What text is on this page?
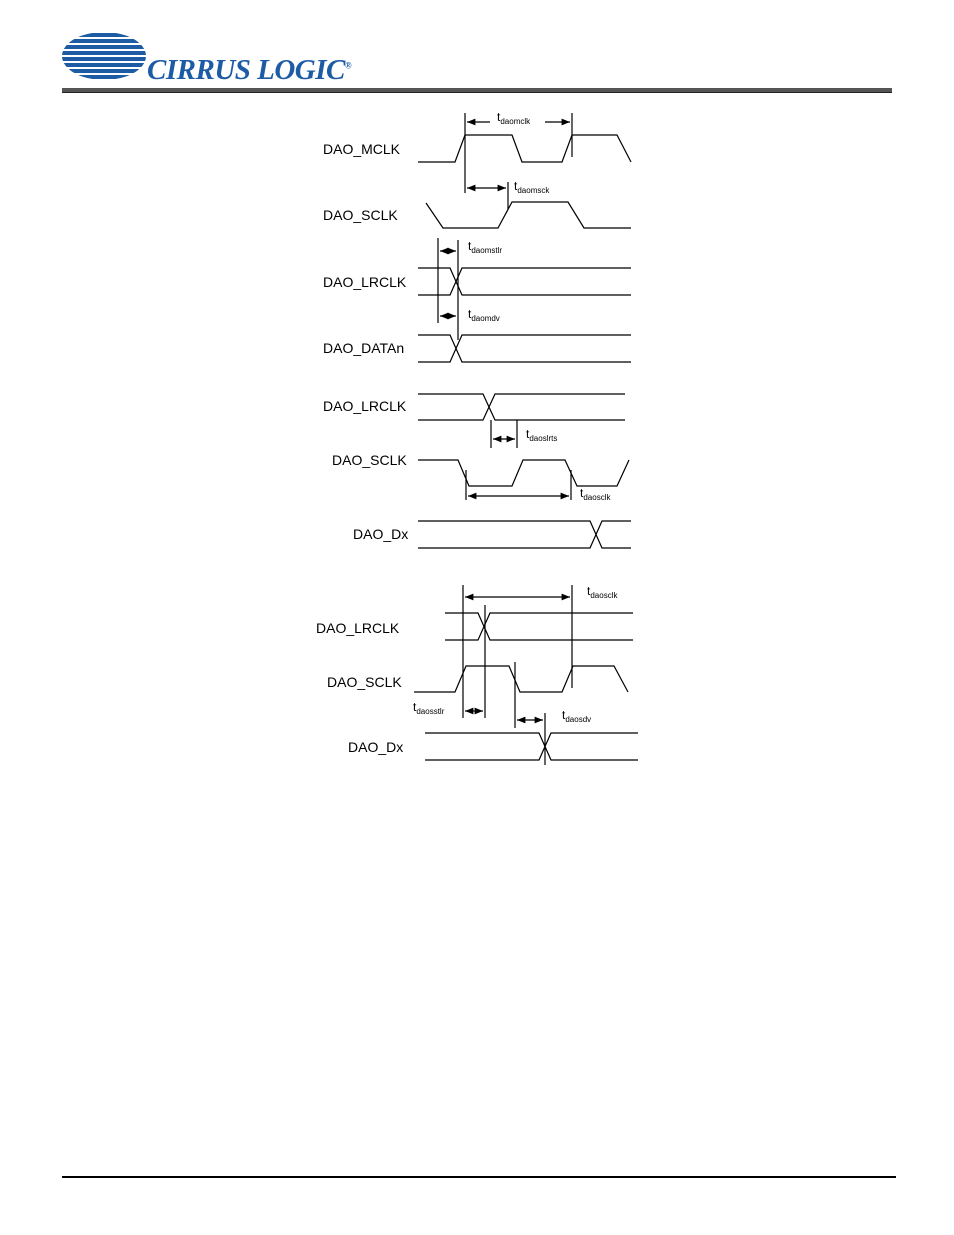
CIRRUS LOGIC®
DAO_MCLK
DAO_SCLK
DAO_LRCLK
DAO_DATAn
DAO_LRCLK
DAO_SCLK
DAO_Dx
DAO_LRCLK
DAO_SCLK
DAO_Dx
$t_{daomclk}$
$t_{daomsck}$
$t_{daomstlr}$
$t_{daomdv}$
$t_{daoslrts}$
$t_{daosclk}$
$t_{daosclk}$
$t_{daosstlr}$	$t_{daosdv}$
